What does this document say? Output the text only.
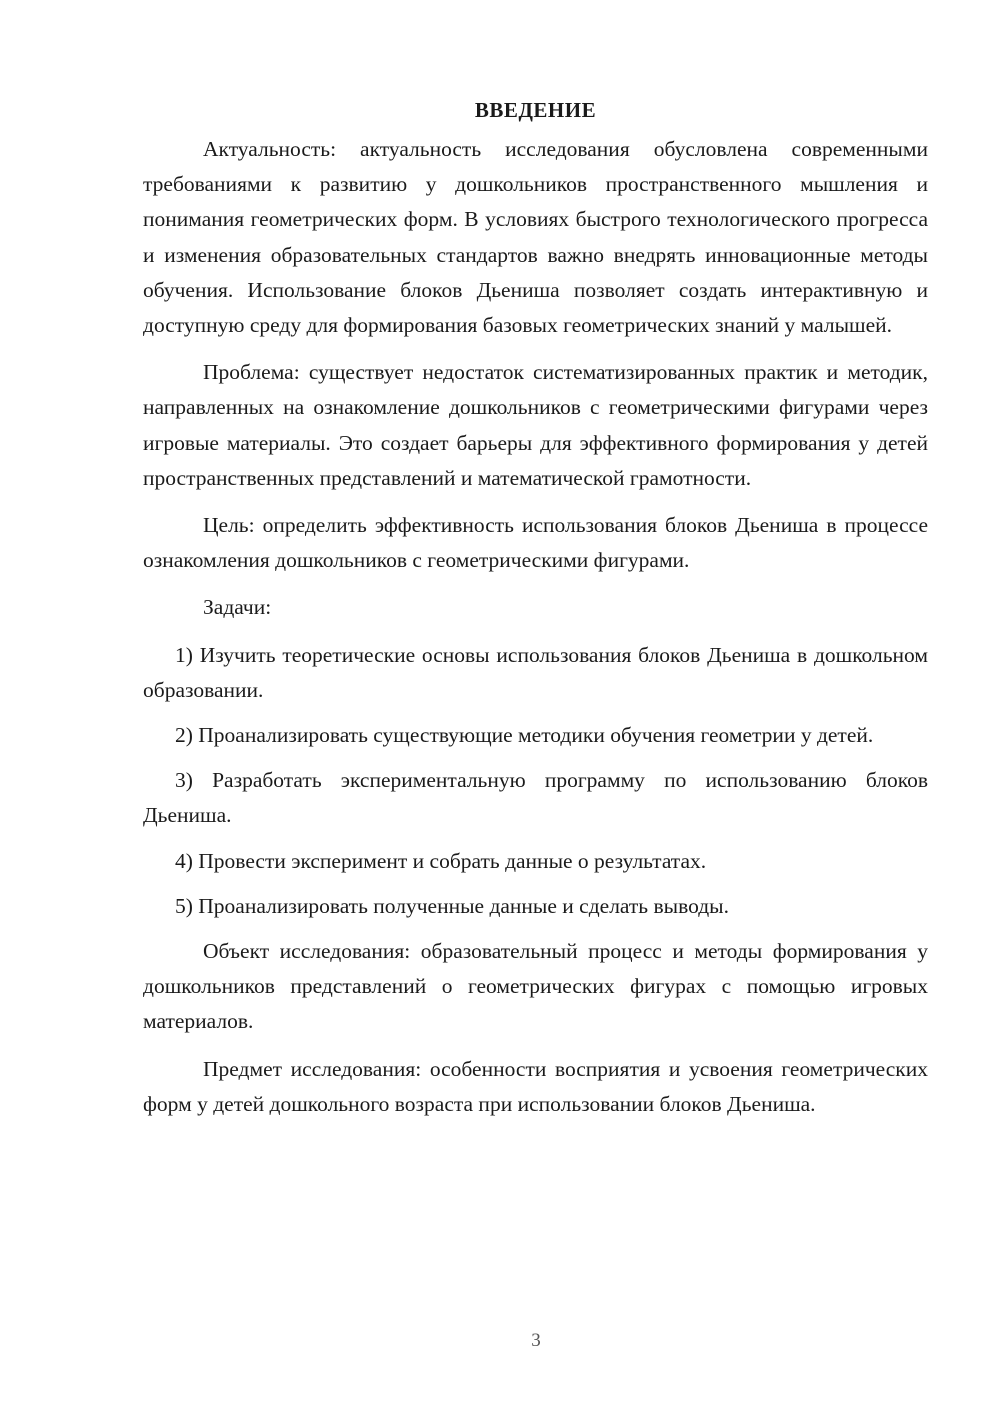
ВВЕДЕНИЕ

Актуальность: актуальность исследования обусловлена современными требованиями к развитию у дошкольников пространственного мышления и понимания геометрических форм. В условиях быстрого технологического прогресса и изменения образовательных стандартов важно внедрять инновационные методы обучения. Использование блоков Дьениша позволяет создать интерактивную и доступную среду для формирования базовых геометрических знаний у малышей.

Проблема: существует недостаток систематизированных практик и методик, направленных на ознакомление дошкольников с геометрическими фигурами через игровые материалы. Это создает барьеры для эффективного формирования у детей пространственных представлений и математической грамотности.

Цель: определить эффективность использования блоков Дьениша в процессе ознакомления дошкольников с геометрическими фигурами.

Задачи:

1) Изучить теоретические основы использования блоков Дьениша в дошкольном образовании.

2) Проанализировать существующие методики обучения геометрии у детей.

3) Разработать экспериментальную программу по использованию блоков Дьениша.

4) Провести эксперимент и собрать данные о результатах.

5) Проанализировать полученные данные и сделать выводы.

Объект исследования: образовательный процесс и методы формирования у дошкольников представлений о геометрических фигурах с помощью игровых материалов.

Предмет исследования: особенности восприятия и усвоения геометрических форм у детей дошкольного возраста при использовании блоков Дьениша.

3
